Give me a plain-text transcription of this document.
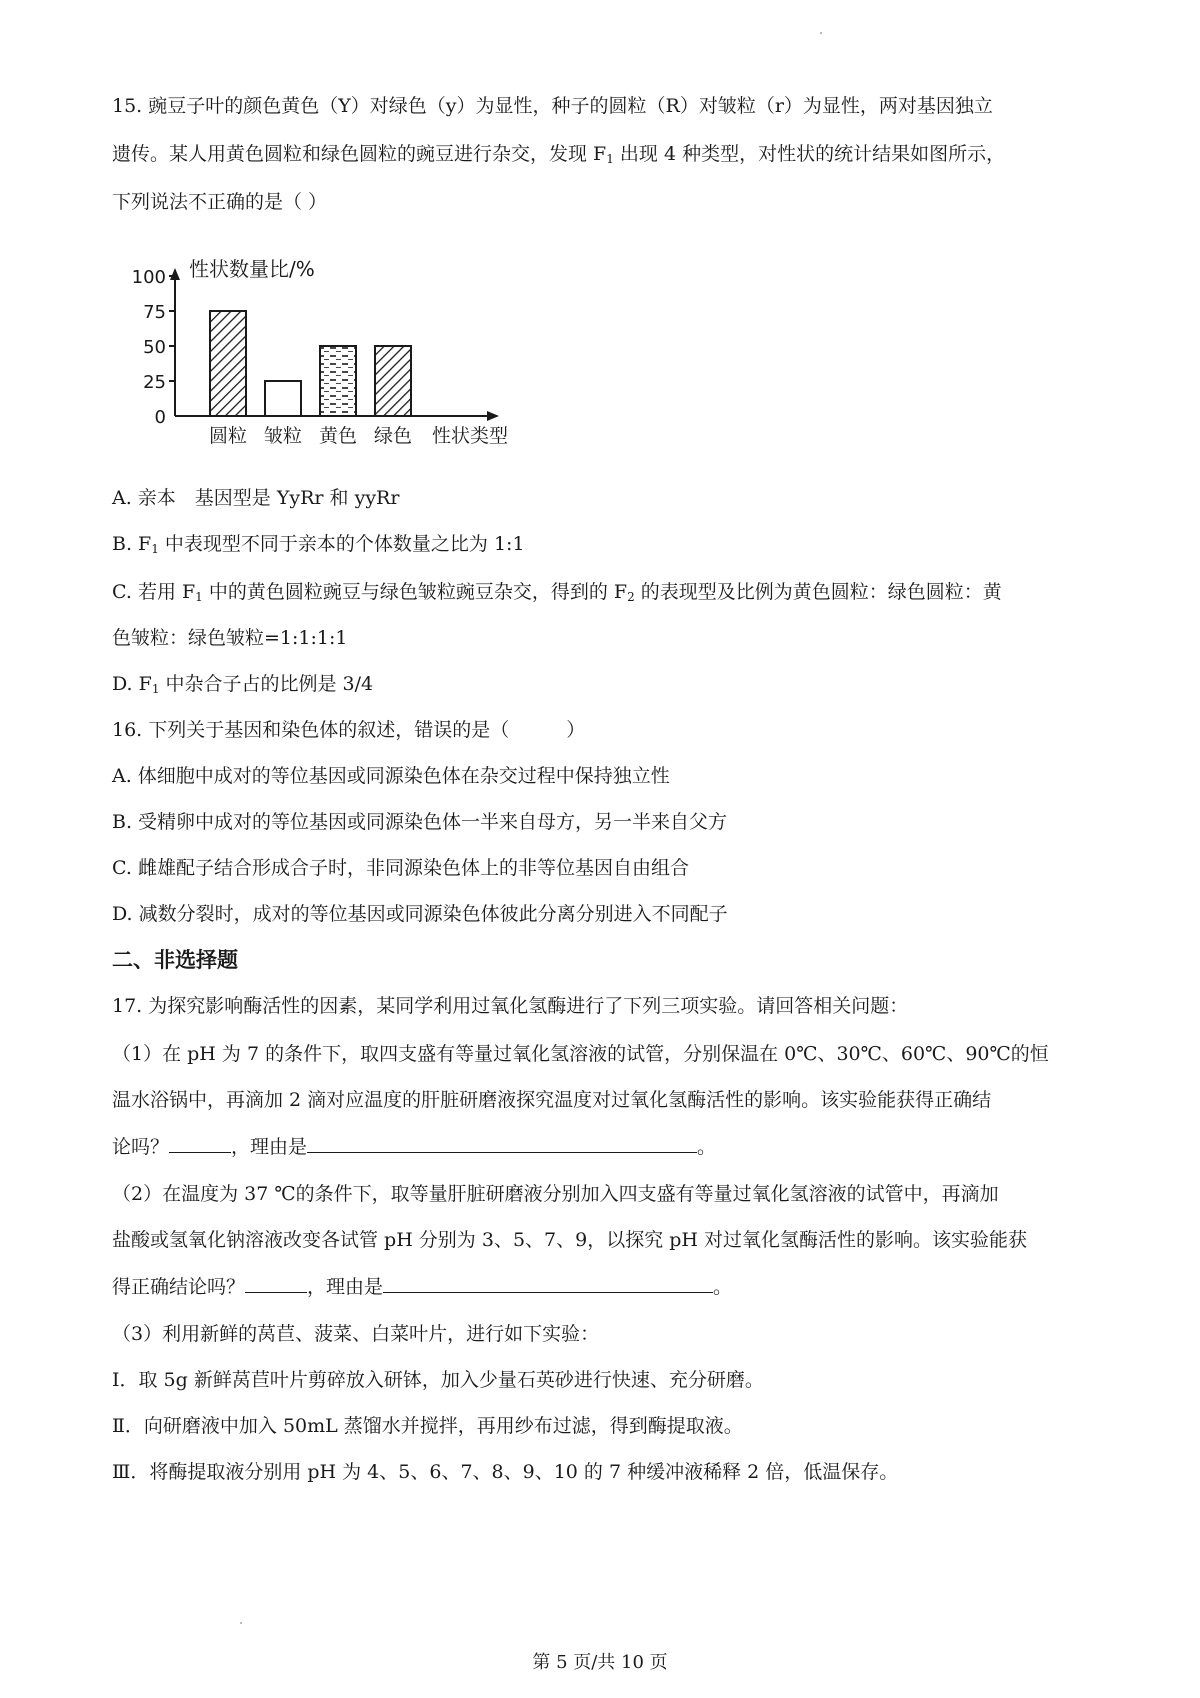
15. 豌豆子叶的颜色黄色（Y）对绿色（y）为显性，种子的圆粒（R）对皱粒（r）为显性，两对基因独立
遗传。某人用黄色圆粒和绿色圆粒的豌豆进行杂交，发现 $F_1$ 出现 4 种类型，对性状的统计结果如图所示，
下列说法不正确的是（ ）
性状数量比/%
100
75
50
25
0
圆粒 皱粒 黄色 绿色 性状类型
A. 亲本　基因型是 YyRr 和 yyRr
B. $F_1$ 中表现型不同于亲本的个体数量之比为 1:1
C. 若用 $F_1$ 中的黄色圆粒豌豆与绿色皱粒豌豆杂交，得到的 $F_2$ 的表现型及比例为黄色圆粒：绿色圆粒：黄
色皱粒：绿色皱粒=1:1:1:1
D. $F_1$ 中杂合子占的比例是 3/4
16. 下列关于基因和染色体的叙述，错误的是（　　　）
A. 体细胞中成对的等位基因或同源染色体在杂交过程中保持独立性
B. 受精卵中成对的等位基因或同源染色体一半来自母方，另一半来自父方
C. 雌雄配子结合形成合子时，非同源染色体上的非等位基因自由组合
D. 减数分裂时，成对的等位基因或同源染色体彼此分离分别进入不同配子
二、非选择题
17. 为探究影响酶活性的因素，某同学利用过氧化氢酶进行了下列三项实验。请回答相关问题：
（1）在 pH 为 7 的条件下，取四支盛有等量过氧化氢溶液的试管，分别保温在 0℃、30℃、60℃、90℃的恒
温水浴锅中，再滴加 2 滴对应温度的肝脏研磨液探究温度对过氧化氢酶活性的影响。该实验能获得正确结
论吗？	，理由是	。
（2）在温度为 37 ℃的条件下，取等量肝脏研磨液分别加入四支盛有等量过氧化氢溶液的试管中，再滴加
盐酸或氢氧化钠溶液改变各试管 pH 分别为 3、5、7、9，以探究 pH 对过氧化氢酶活性的影响。该实验能获
得正确结论吗？	，理由是	。
（3）利用新鲜的莴苣、菠菜、白菜叶片，进行如下实验：
Ⅰ．取 5g 新鲜莴苣叶片剪碎放入研钵，加入少量石英砂进行快速、充分研磨。
Ⅱ．向研磨液中加入 50mL 蒸馏水并搅拌，再用纱布过滤，得到酶提取液。
Ⅲ．将酶提取液分别用 pH 为 4、5、6、7、8、9、10 的 7 种缓冲液稀释 2 倍，低温保存。
第 5 页/共 10 页
